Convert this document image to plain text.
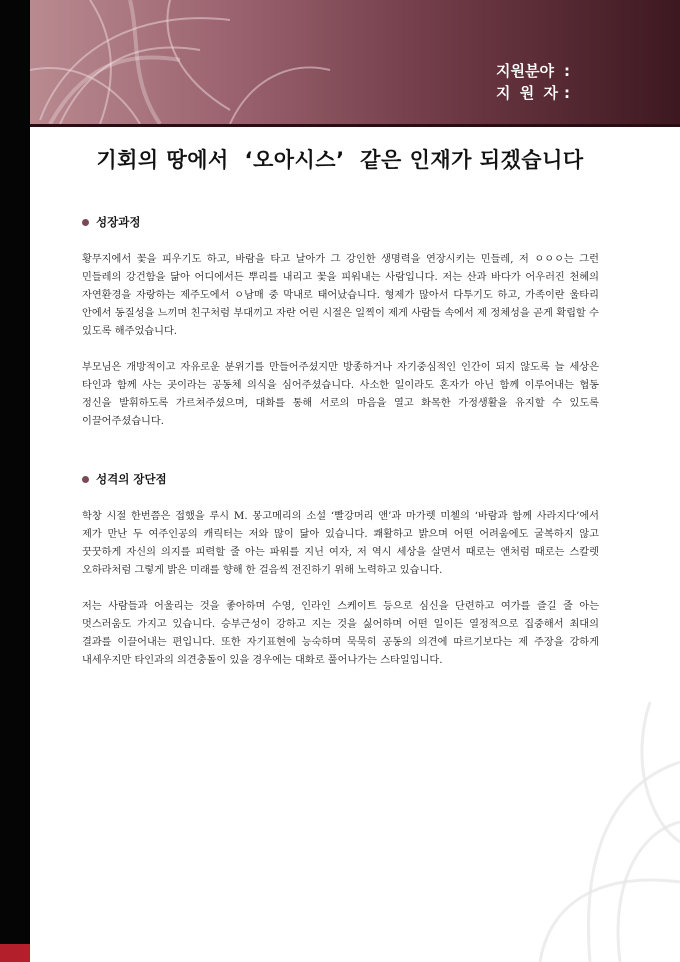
지원분야 :
지 원 자 :
기회의 땅에서  ‘오아시스’  같은 인재가 되겠습니다
성장과정

황무지에서 꽃을 피우기도 하고, 바람을 타고 날아가 그 강인한 생명력을 연장시키는 민들레, 저 ㅇㅇㅇ는 그런 민들레의 강건함을 닮아 어디에서든 뿌리를 내리고 꽃을 피워내는 사람입니다. 저는 산과 바다가 어우러진 천혜의 자연환경을 자랑하는 제주도에서 ㅇ남매 중 막내로 태어났습니다. 형제가 많아서 다투기도 하고, 가족이란 울타리 안에서 동질성을 느끼며 친구처럼 부대끼고 자란 어린 시절은 일찍이 제게 사람들 속에서 제 정체성을 곧게 확립할 수 있도록 해주었습니다.

부모님은 개방적이고 자유로운 분위기를 만들어주셨지만 방종하거나 자기중심적인 인간이 되지 않도록 늘 세상은 타인과 함께 사는 곳이라는 공동체 의식을 심어주셨습니다. 사소한 일이라도 혼자가 아닌 함께 이루어내는 협동 정신을 발휘하도록 가르쳐주셨으며, 대화를 통해 서로의 마음을 열고 화목한 가정생활을 유지할 수 있도록 이끌어주셨습니다.

성격의 장단점

학창 시절 한번쯤은 접했을 루시 M. 몽고메리의 소설 ‘빨강머리 앤’과 마가렛 미첼의 ‘바람과 함께 사라지다’에서 제가 만난 두 여주인공의 캐릭터는 저와 많이 닮아 있습니다. 쾌활하고 밝으며 어떤 어려움에도 굴복하지 않고 꿋꿋하게 자신의 의지를 피력할 줄 아는 파워를 지닌 여자, 저 역시 세상을 살면서 때로는 앤처럼 때로는 스칼렛 오하라처럼 그렇게 밝은 미래를 향해 한 걸음씩 전진하기 위해 노력하고 있습니다.

저는 사람들과 어울리는 것을 좋아하며 수영, 인라인 스케이트 등으로 심신을 단련하고 여가를 즐길 줄 아는 멋스러움도 가지고 있습니다. 승부근성이 강하고 지는 것을 싫어하며 어떤 일이든 열정적으로 집중해서 최대의 결과를 이끌어내는 편입니다. 또한 자기표현에 능숙하며 묵묵히 공동의 의견에 따르기보다는 제 주장을 강하게 내세우지만 타인과의 의견충돌이 있을 경우에는 대화로 풀어나가는 스타일입니다.
